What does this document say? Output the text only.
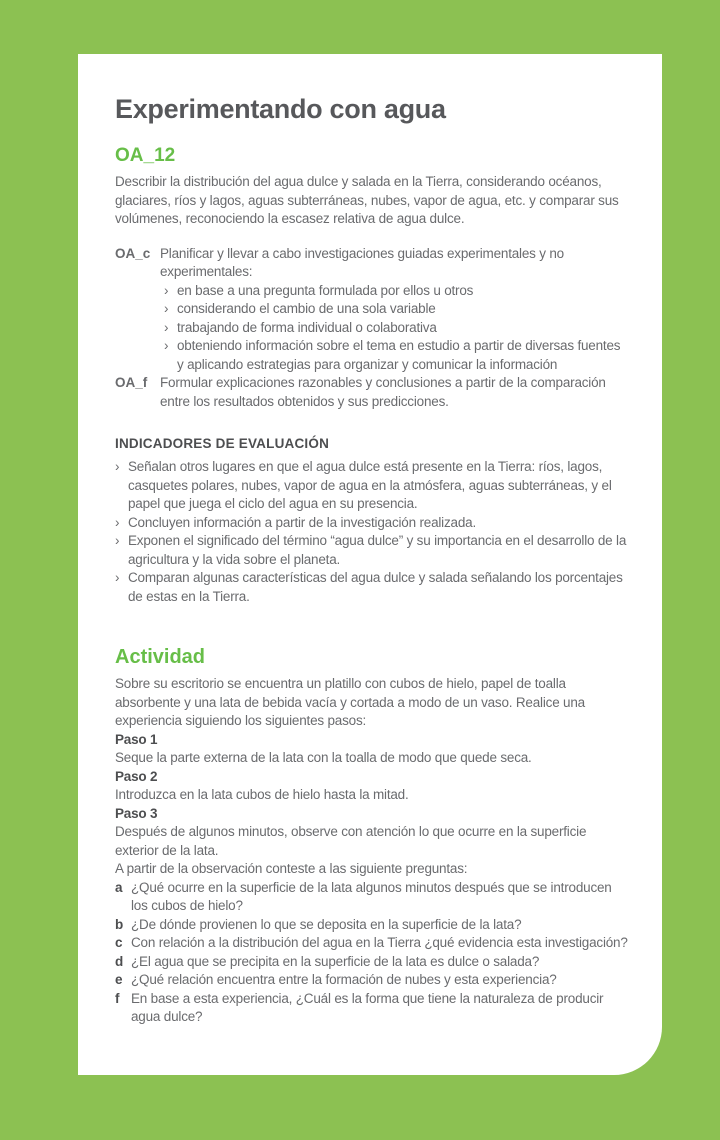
Experimentando con agua
OA_12

Describir la distribución del agua dulce y salada en la Tierra, considerando océanos, glaciares, ríos y lagos, aguas subterráneas, nubes, vapor de agua, etc. y comparar sus volúmenes, reconociendo la escasez relativa de agua dulce.

OA_c Planificar y llevar a cabo investigaciones guiadas experimentales y no experimentales:

› en base a una pregunta formulada por ellos u otros
› considerando el cambio de una sola variable
› trabajando de forma individual o colaborativa
› obteniendo información sobre el tema en estudio a partir de diversas fuentes y aplicando estrategias para organizar y comunicar la información
OA_f Formular explicaciones razonables y conclusiones a partir de la comparación entre los resultados obtenidos y sus predicciones.

INDICADORES DE EVALUACIÓN
› Señalan otros lugares en que el agua dulce está presente en la Tierra: ríos, lagos, casquetes polares, nubes, vapor de agua en la atmósfera, aguas subterráneas, y el papel que juega el ciclo del agua en su presencia.
› Concluyen información a partir de la investigación realizada.
› Exponen el significado del término “agua dulce” y su importancia en el desarrollo de la agricultura y la vida sobre el planeta.
› Comparan algunas características del agua dulce y salada señalando los porcentajes de estas en la Tierra.
Actividad

Sobre su escritorio se encuentra un platillo con cubos de hielo, papel de toalla absorbente y una lata de bebida vacía y cortada a modo de un vaso. Realice una experiencia siguiendo los siguientes pasos:

Paso 1

Seque la parte externa de la lata con la toalla de modo que quede seca.

Paso 2

Introduzca en la lata cubos de hielo hasta la mitad.

Paso 3

Después de algunos minutos, observe con atención lo que ocurre en la superficie exterior de la lata.

A partir de la observación conteste a las siguiente preguntas:

a ¿Qué ocurre en la superficie de la lata algunos minutos después que se introducen los cubos de hielo?
b ¿De dónde provienen lo que se deposita en la superficie de la lata?
c Con relación a la distribución del agua en la Tierra ¿qué evidencia esta investigación?
d ¿El agua que se precipita en la superficie de la lata es dulce o salada?
e ¿Qué relación encuentra entre la formación de nubes y esta experiencia?
f En base a esta experiencia, ¿Cuál es la forma que tiene la naturaleza de producir agua dulce?
